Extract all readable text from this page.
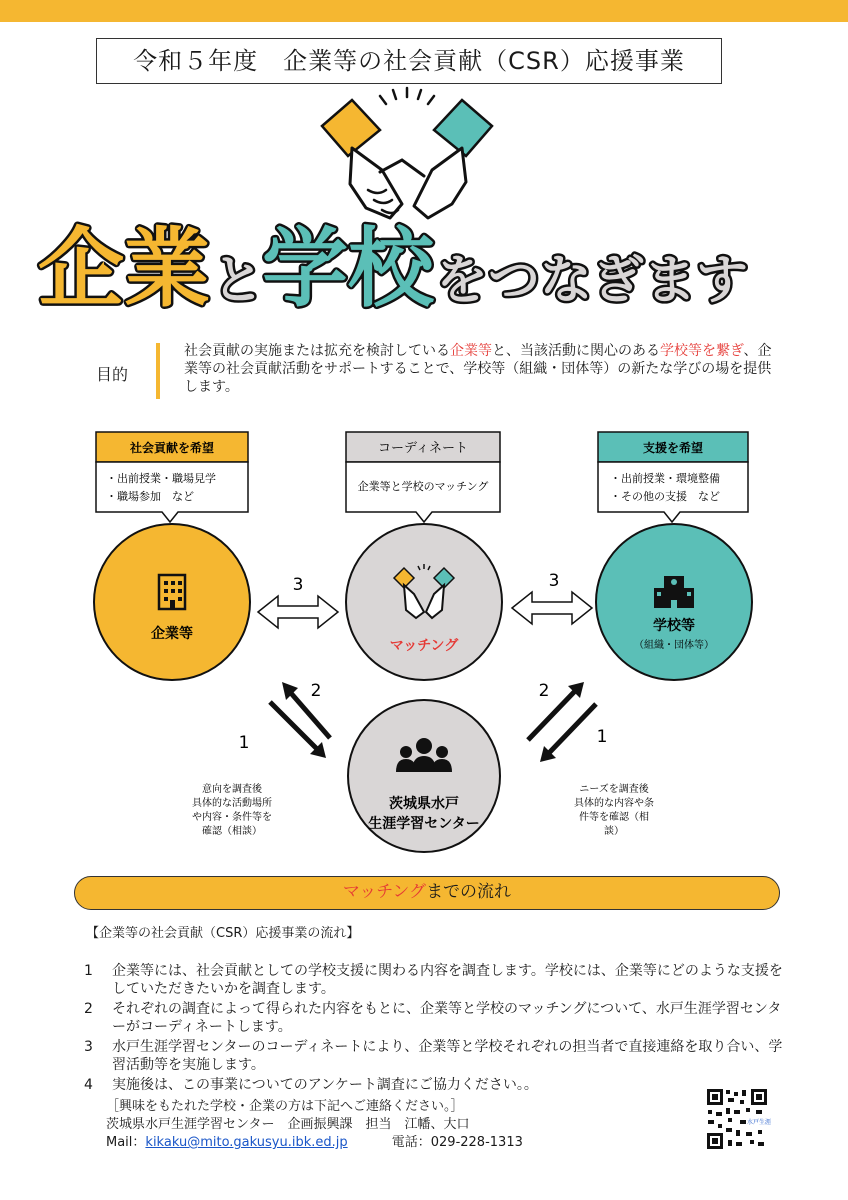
令和５年度　企業等の社会貢献（CSR）応援事業
企業 と
学校 をつなぎます
目的
社会貢献の実施または拡充を検討している企業等と、当該活動に関心のある学校等を繋ぎ、企業等の社会貢献活動をサポートすることで、学校等（組織・団体等）の新たな学びの場を提供します。
社会貢献を希望
・出前授業・職場見学
・職場参加　など
コーディネート
企業等と学校のマッチング
支援を希望
・出前授業・環境整備
・その他の支援　など
企業等
マッチング
学校等
（組織・団体等）
茨城県水戸
生涯学習センター
3	3
2
1
2
1
意向を調査後
具体的な活動場所
や内容・条件等を
確認（相談）
ニーズを調査後
具体的な内容や条
件等を確認（相
談）
マッチングまでの流れ
【企業等の社会貢献（CSR）応援事業の流れ】
1	企業等には、社会貢献としての学校支援に関わる内容を調査します。学校には、企業等にどのような支援をしていただきたいかを調査します。
2	それぞれの調査によって得られた内容をもとに、企業等と学校のマッチングについて、水戸生涯学習センターがコーディネートします。
3	水戸生涯学習センターのコーディネートにより、企業等と学校それぞれの担当者で直接連絡を取り合い、学習活動等を実施します。
4	実施後は、この事業についてのアンケート調査にご協力ください。。
［興味をもたれた学校・企業の方は下記へご連絡ください。］
茨城県水戸生涯学習センター　企画振興課　担当　江幡、大口
Mail：kikaku@mito.gakusyu.ibk.ed.jp	電話：029-228-1313
水戸生涯
